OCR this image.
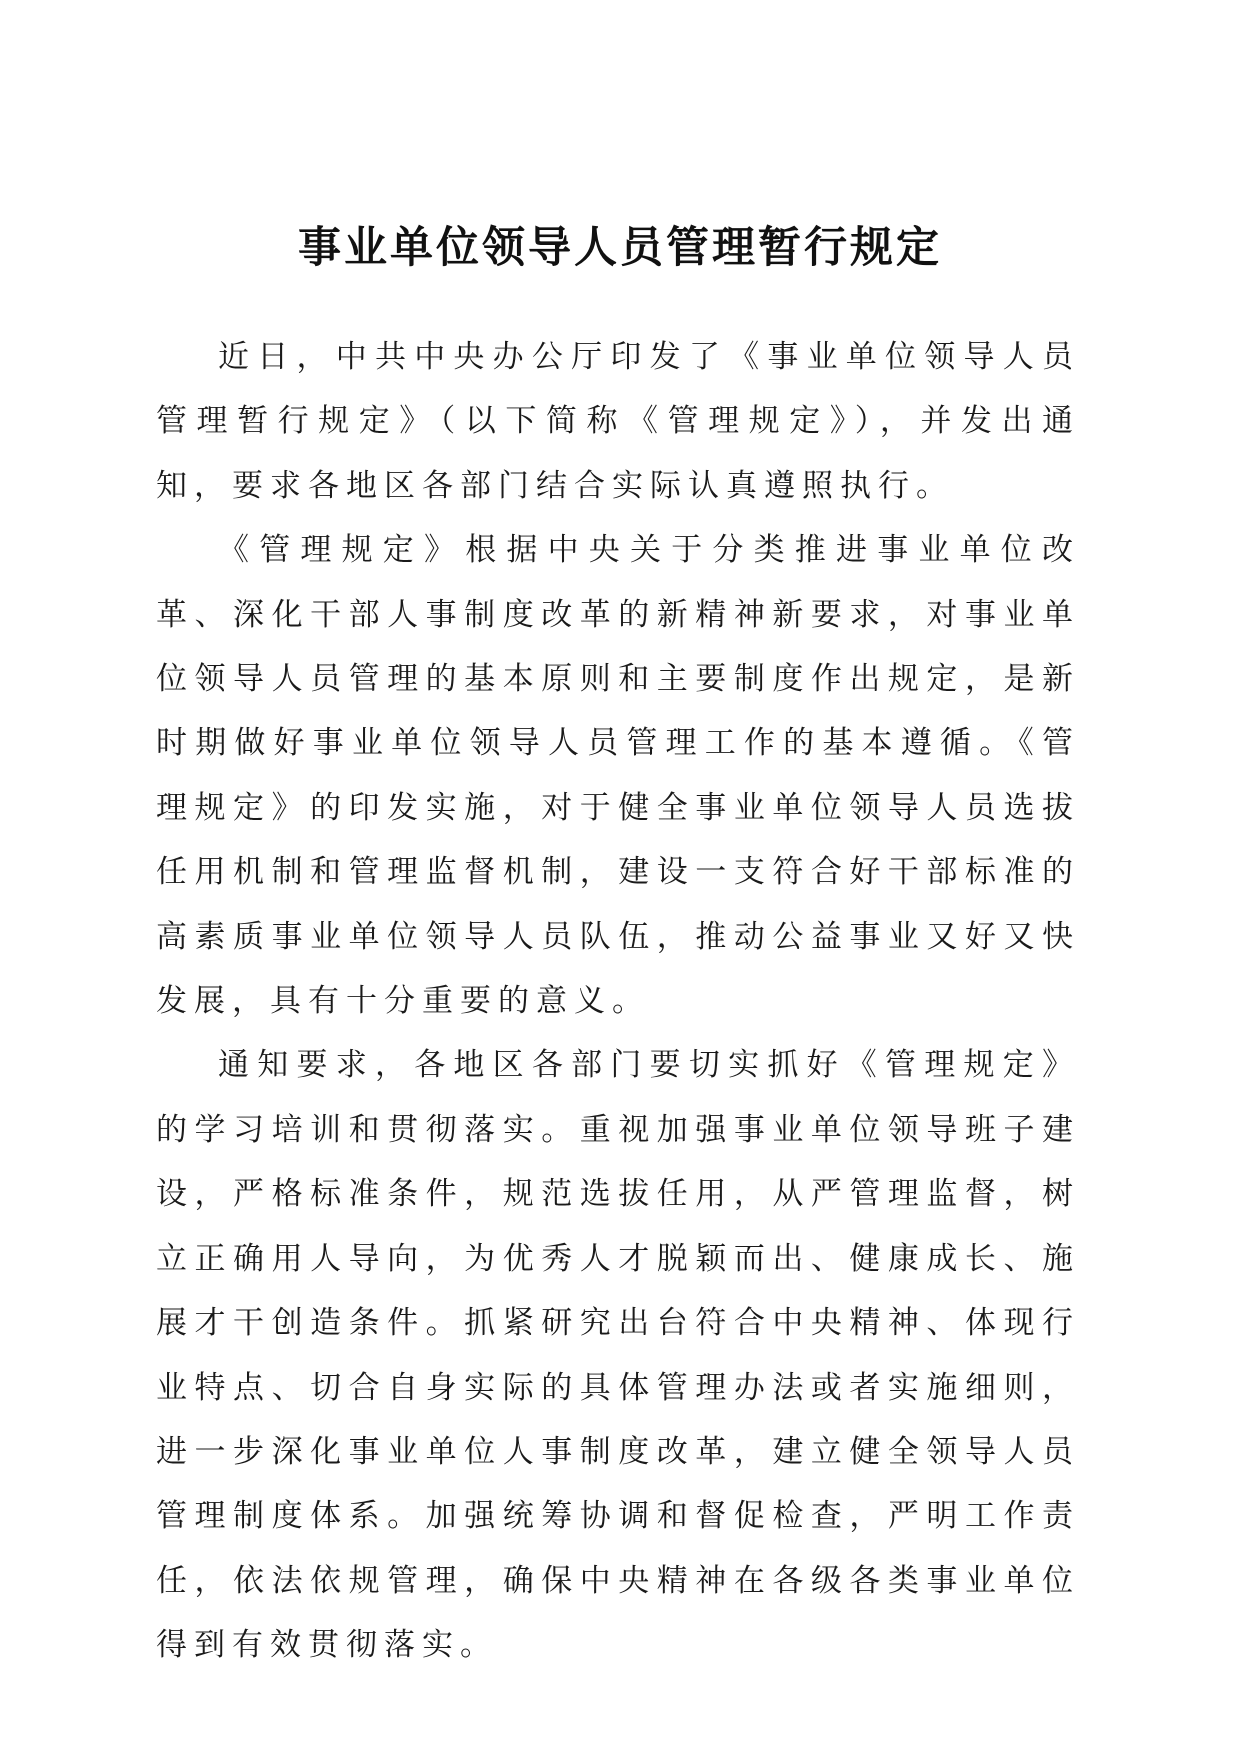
事业单位领导人员管理暂行规定

近日，中共中央办公厅印发了《事业单位领导人员管理暂行规定》（以下简称《管理规定》），并发出通知，要求各地区各部门结合实际认真遵照执行。

《管理规定》根据中央关于分类推进事业单位改革、深化干部人事制度改革的新精神新要求，对事业单位领导人员管理的基本原则和主要制度作出规定，是新时期做好事业单位领导人员管理工作的基本遵循。《管理规定》的印发实施，对于健全事业单位领导人员选拔任用机制和管理监督机制，建设一支符合好干部标准的高素质事业单位领导人员队伍，推动公益事业又好又快发展，具有十分重要的意义。

通知要求，各地区各部门要切实抓好《管理规定》的学习培训和贯彻落实。重视加强事业单位领导班子建设，严格标准条件，规范选拔任用，从严管理监督，树立正确用人导向，为优秀人才脱颖而出、健康成长、施展才干创造条件。抓紧研究出台符合中央精神、体现行业特点、切合自身实际的具体管理办法或者实施细则，进一步深化事业单位人事制度改革，建立健全领导人员管理制度体系。加强统筹协调和督促检查，严明工作责任，依法依规管理，确保中央精神在各级各类事业单位得到有效贯彻落实。
